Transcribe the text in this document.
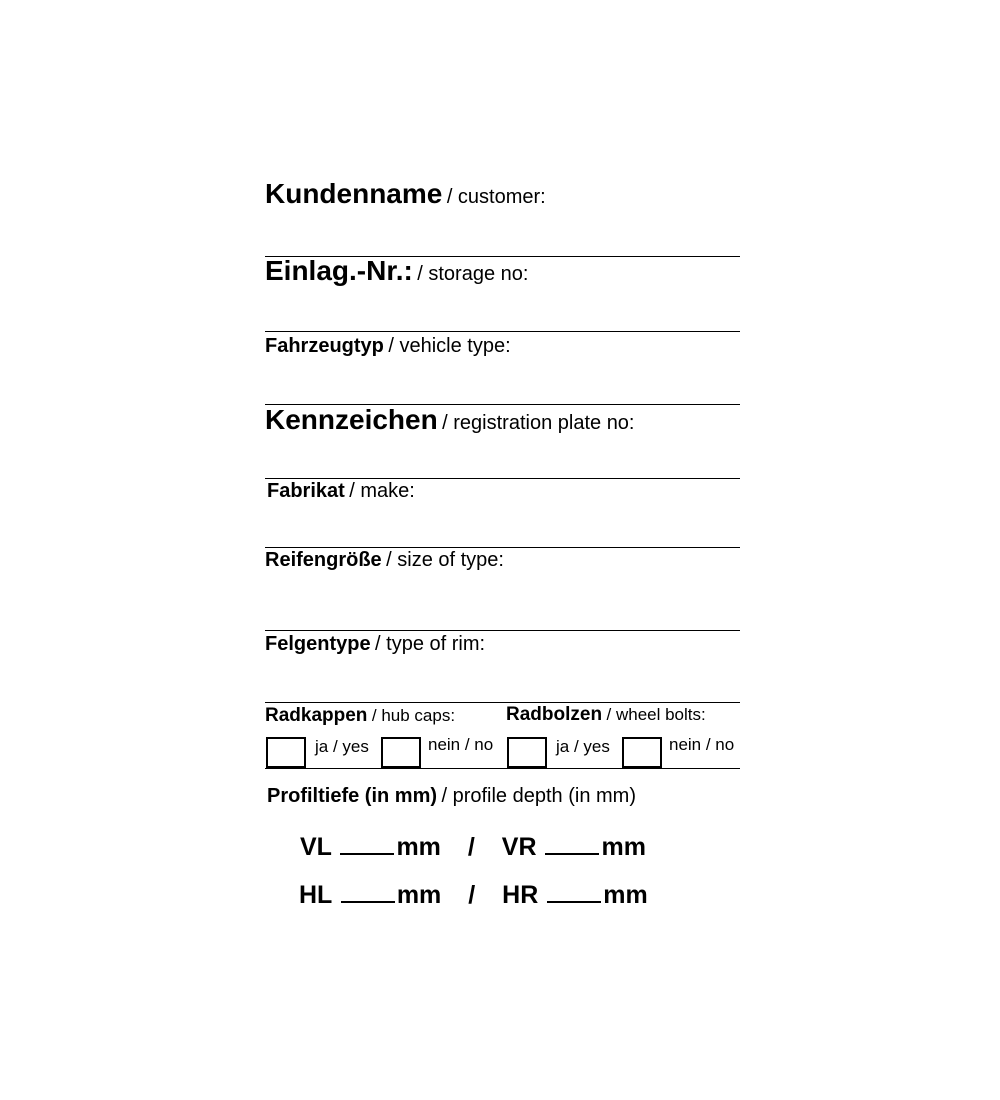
Kundenname / customer:
Einlag.-Nr.: / storage no:
Fahrzeugtyp / vehicle type:
Kennzeichen / registration plate no:
Fabrikat / make:
Reifengröße / size of type:
Felgentype / type of rim:
Radkappen / hub caps:
ja / yes	nein / no
Radbolzen / wheel bolts:
ja / yes	nein / no
Profiltiefe (in mm) / profile depth (in mm)
VL	mm / VR	mm
HL	mm / HR	mm
